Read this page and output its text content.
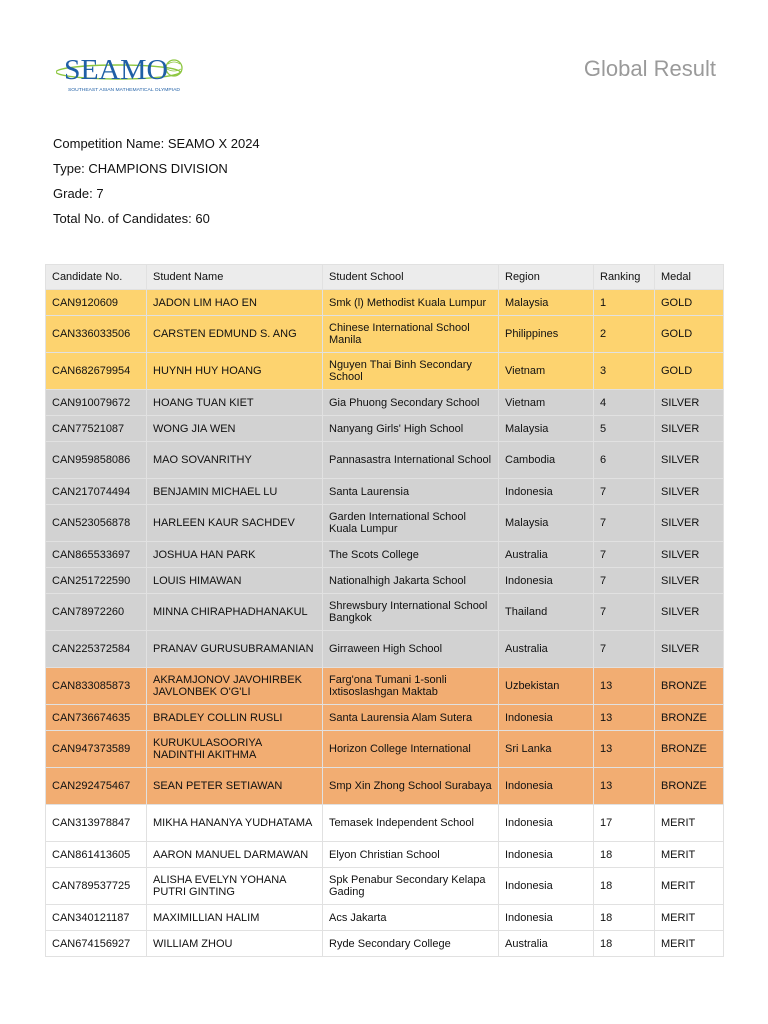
SEAMO
SOUTHEAST ASIAN MATHEMATICAL OLYMPIAD
Global Result
Competition Name: SEAMO X 2024
Type: CHAMPIONS DIVISION
Grade: 7
Total No. of Candidates: 60
Candidate No.	Student Name	Student School	Region	Ranking	Medal
CAN9120609	JADON LIM HAO EN	Smk (l) Methodist Kuala Lumpur	Malaysia	1	GOLD
CAN336033506	CARSTEN EDMUND S. ANG	Chinese International School Manila	Philippines	2	GOLD
CAN682679954	HUYNH HUY HOANG	Nguyen Thai Binh Secondary School	Vietnam	3	GOLD
CAN910079672	HOANG TUAN KIET	Gia Phuong Secondary School	Vietnam	4	SILVER
CAN77521087	WONG JIA WEN	Nanyang Girls' High School	Malaysia	5	SILVER
CAN959858086	MAO SOVANRITHY	Pannasastra International School	Cambodia	6	SILVER
CAN217074494	BENJAMIN MICHAEL LU	Santa Laurensia	Indonesia	7	SILVER
CAN523056878	HARLEEN KAUR SACHDEV	Garden International School Kuala Lumpur	Malaysia	7	SILVER
CAN865533697	JOSHUA HAN PARK	The Scots College	Australia	7	SILVER
CAN251722590	LOUIS HIMAWAN	Nationalhigh Jakarta School	Indonesia	7	SILVER
CAN78972260	MINNA CHIRAPHADHANAKUL	Shrewsbury International School Bangkok	Thailand	7	SILVER
CAN225372584	PRANAV GURUSUBRAMANIAN	Girraween High School	Australia	7	SILVER
CAN833085873	AKRAMJONOV JAVOHIRBEK JAVLONBEK O'G'LI	Farg'ona Tumani 1-sonli Ixtisoslashgan Maktab	Uzbekistan	13	BRONZE
CAN736674635	BRADLEY COLLIN RUSLI	Santa Laurensia Alam Sutera	Indonesia	13	BRONZE
CAN947373589	KURUKULASOORIYA NADINTHI AKITHMA	Horizon College International	Sri Lanka	13	BRONZE
CAN292475467	SEAN PETER SETIAWAN	Smp Xin Zhong School Surabaya	Indonesia	13	BRONZE
CAN313978847	MIKHA HANANYA YUDHATAMA	Temasek Independent School	Indonesia	17	MERIT
CAN861413605	AARON MANUEL DARMAWAN	Elyon Christian School	Indonesia	18	MERIT
CAN789537725	ALISHA EVELYN YOHANA PUTRI GINTING	Spk Penabur Secondary Kelapa Gading	Indonesia	18	MERIT
CAN340121187	MAXIMILLIAN HALIM	Acs Jakarta	Indonesia	18	MERIT
CAN674156927	WILLIAM ZHOU	Ryde Secondary College	Australia	18	MERIT
